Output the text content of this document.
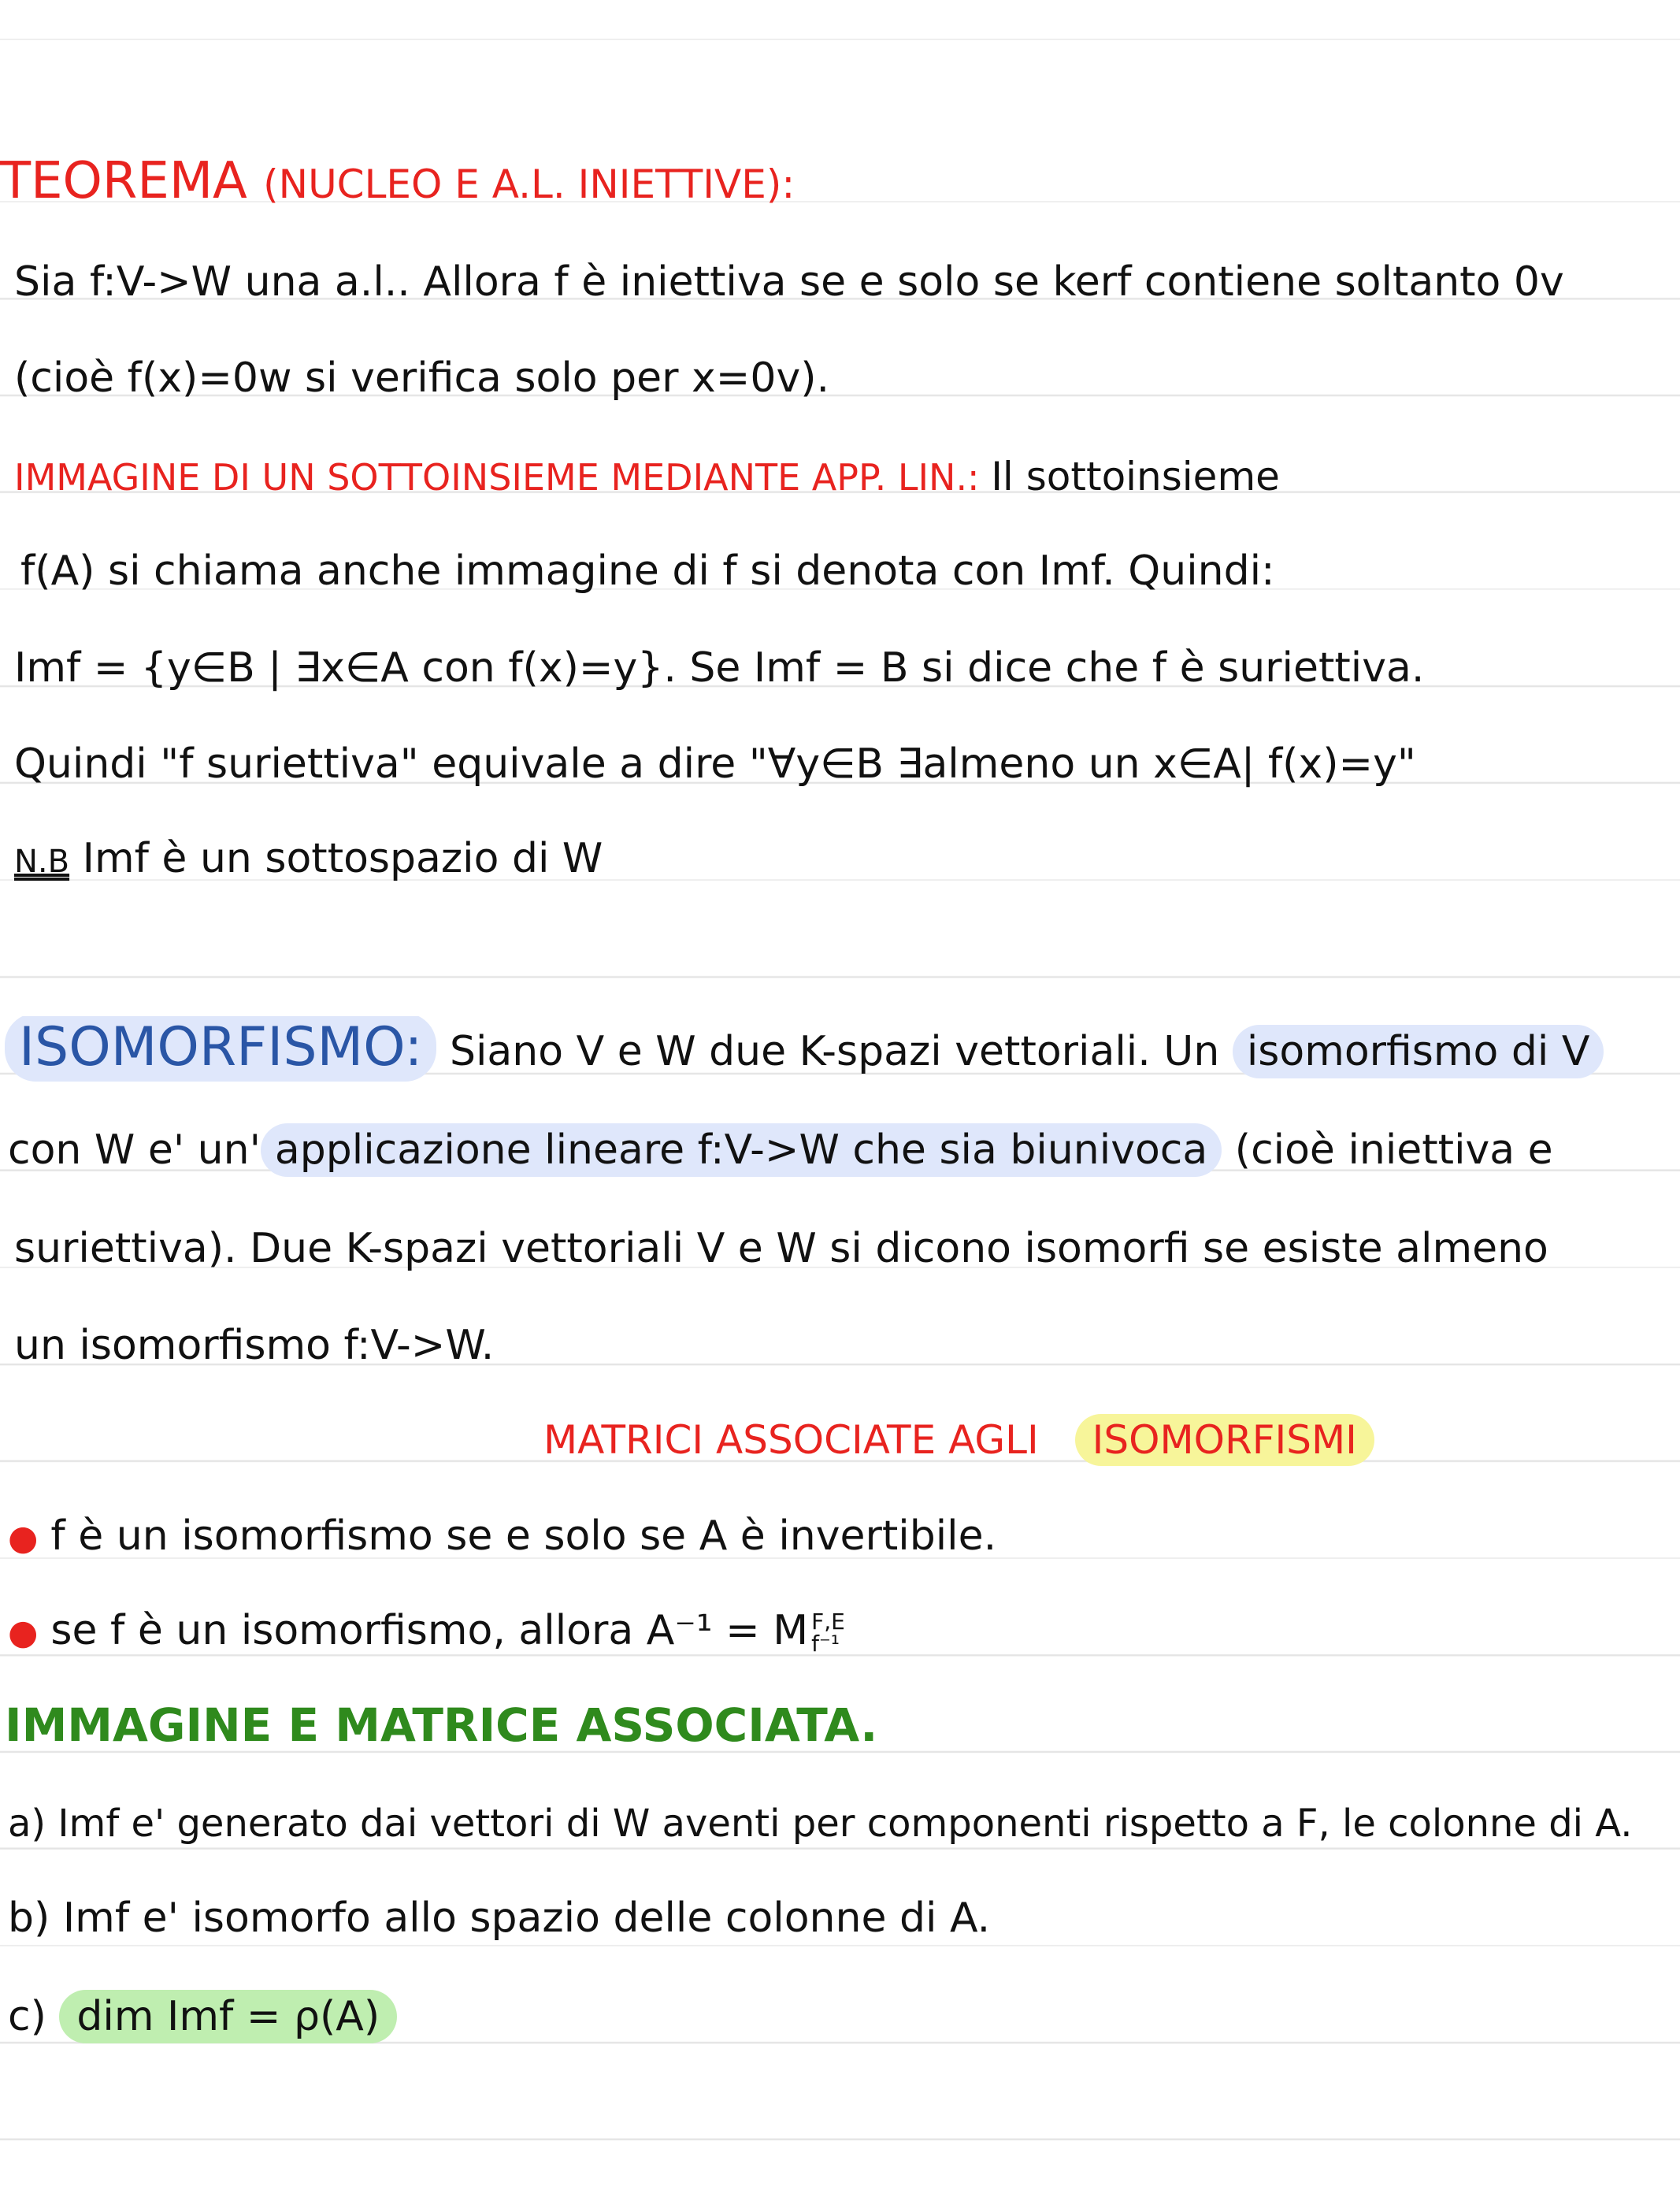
TEOREMA (NUCLEO E A.L. INIETTIVE):
Sia f:V->W una a.l.. Allora f è iniettiva se e solo se kerf contiene soltanto 0v
(cioè f(x)=0w si verifica solo per x=0v).
IMMAGINE DI UN SOTTOINSIEME MEDIANTE APP. LIN.: Il sottoinsieme
f(A) si chiama anche immagine di f si denota con Imf. Quindi:
Imf = {y∈B | ∃x∈A con f(x)=y}. Se Imf = B si dice che f è suriettiva.
Quindi "f suriettiva" equivale a dire "∀y∈B ∃almeno un x∈A| f(x)=y"
N.B Imf è un sottospazio di W
ISOMORFISMO: Siano V e W due K-spazi vettoriali. Un isomorfismo di V
con W e' un' applicazione lineare f:V->W che sia biunivoca (cioè iniettiva e
suriettiva). Due K-spazi vettoriali V e W si dicono isomorfi se esiste almeno
un isomorfismo f:V->W.
MATRICI ASSOCIATE AGLI ISOMORFISMI
● f è un isomorfismo se e solo se A è invertibile.
● se f è un isomorfismo, allora A⁻¹ = M F,E
f⁻¹
IMMAGINE E MATRICE ASSOCIATA.
a) Imf e' generato dai vettori di W aventi per componenti rispetto a F, le colonne di A.
b) Imf e' isomorfo allo spazio delle colonne di A.
c) dim Imf = ρ(A)
